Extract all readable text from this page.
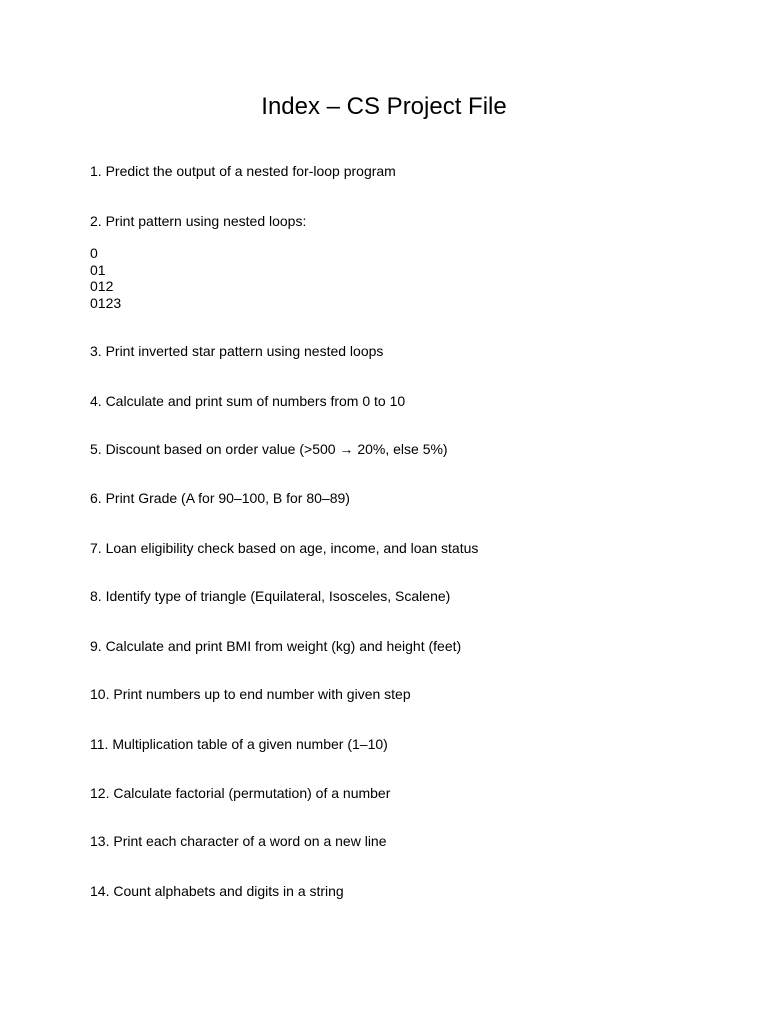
Index – CS Project File
1. Predict the output of a nested for-loop program
2. Print pattern using nested loops:
0
01
012
0123
3. Print inverted star pattern using nested loops
4. Calculate and print sum of numbers from 0 to 10
5. Discount based on order value (>500 → 20%, else 5%)
6. Print Grade (A for 90–100, B for 80–89)
7. Loan eligibility check based on age, income, and loan status
8. Identify type of triangle (Equilateral, Isosceles, Scalene)
9. Calculate and print BMI from weight (kg) and height (feet)
10. Print numbers up to end number with given step
11. Multiplication table of a given number (1–10)
12. Calculate factorial (permutation) of a number
13. Print each character of a word on a new line
14. Count alphabets and digits in a string
